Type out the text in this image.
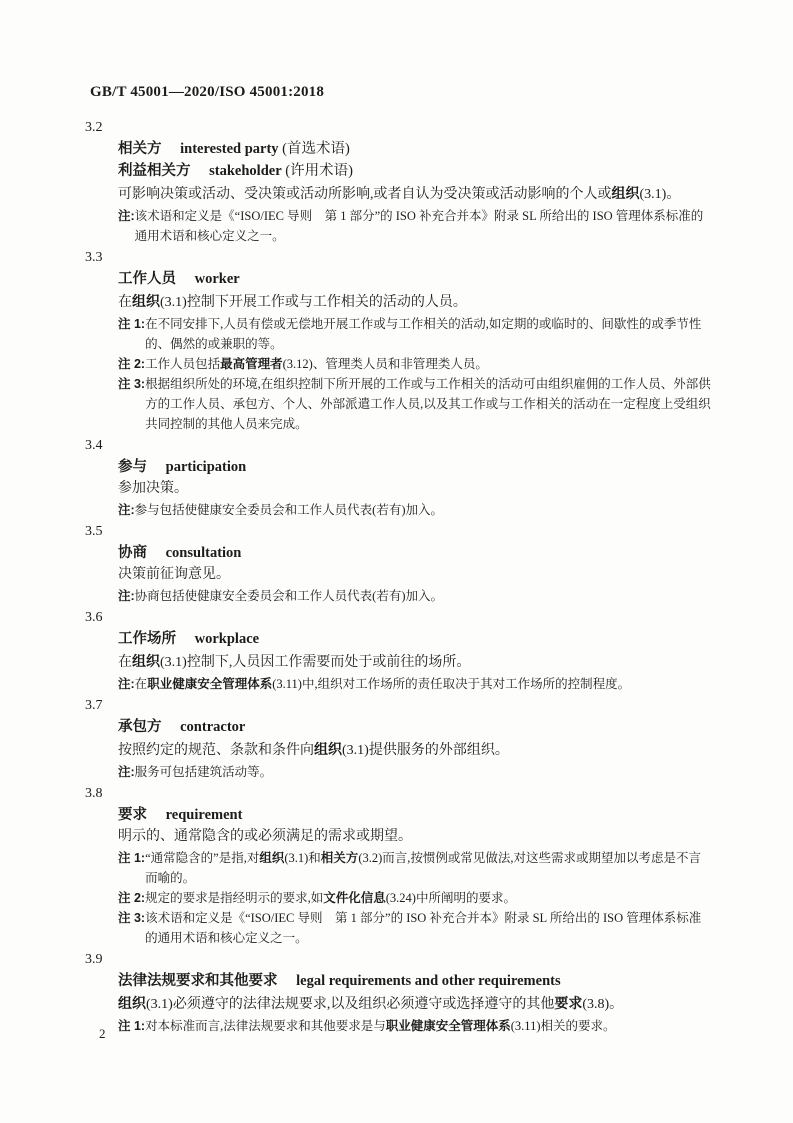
GB/T 45001—2020/ISO 45001:2018
3.2
相关方 interested party (首选术语)
利益相关方 stakeholder (许用术语)

可影响决策或活动、受决策或活动所影响,或者自认为受决策或活动影响的个人或组织(3.1)。

注: 该术语和定义是《“ISO/IEC 导则　第 1 部分”的 ISO 补充合并本》附录 SL 所给出的 ISO 管理体系标准的通用术语和核心定义之一。
3.3
工作人员 worker

在组织(3.1)控制下开展工作或与工作相关的活动的人员。

注 1: 在不同安排下,人员有偿或无偿地开展工作或与工作相关的活动,如定期的或临时的、间歇性的或季节性的、偶然的或兼职的等。
注 2: 工作人员包括最高管理者(3.12)、管理类人员和非管理类人员。
注 3: 根据组织所处的环境,在组织控制下所开展的工作或与工作相关的活动可由组织雇佣的工作人员、外部供方的工作人员、承包方、个人、外部派遣工作人员,以及其工作或与工作相关的活动在一定程度上受组织共同控制的其他人员来完成。
3.4
参与 participation

参加决策。

注: 参与包括使健康安全委员会和工作人员代表(若有)加入。
3.5
协商 consultation

决策前征询意见。

注: 协商包括使健康安全委员会和工作人员代表(若有)加入。
3.6
工作场所 workplace

在组织(3.1)控制下,人员因工作需要而处于或前往的场所。

注: 在职业健康安全管理体系(3.11)中,组织对工作场所的责任取决于其对工作场所的控制程度。
3.7
承包方 contractor

按照约定的规范、条款和条件向组织(3.1)提供服务的外部组织。

注: 服务可包括建筑活动等。
3.8
要求 requirement

明示的、通常隐含的或必须满足的需求或期望。

注 1: “通常隐含的”是指,对组织(3.1)和相关方(3.2)而言,按惯例或常见做法,对这些需求或期望加以考虑是不言而喻的。
注 2: 规定的要求是指经明示的要求,如文件化信息(3.24)中所阐明的要求。
注 3: 该术语和定义是《“ISO/IEC 导则　第 1 部分”的 ISO 补充合并本》附录 SL 所给出的 ISO 管理体系标准的通用术语和核心定义之一。
3.9
法律法规要求和其他要求 legal requirements and other requirements

组织(3.1)必须遵守的法律法规要求,以及组织必须遵守或选择遵守的其他要求(3.8)。

注 1: 对本标准而言,法律法规要求和其他要求是与职业健康安全管理体系(3.11)相关的要求。
2
